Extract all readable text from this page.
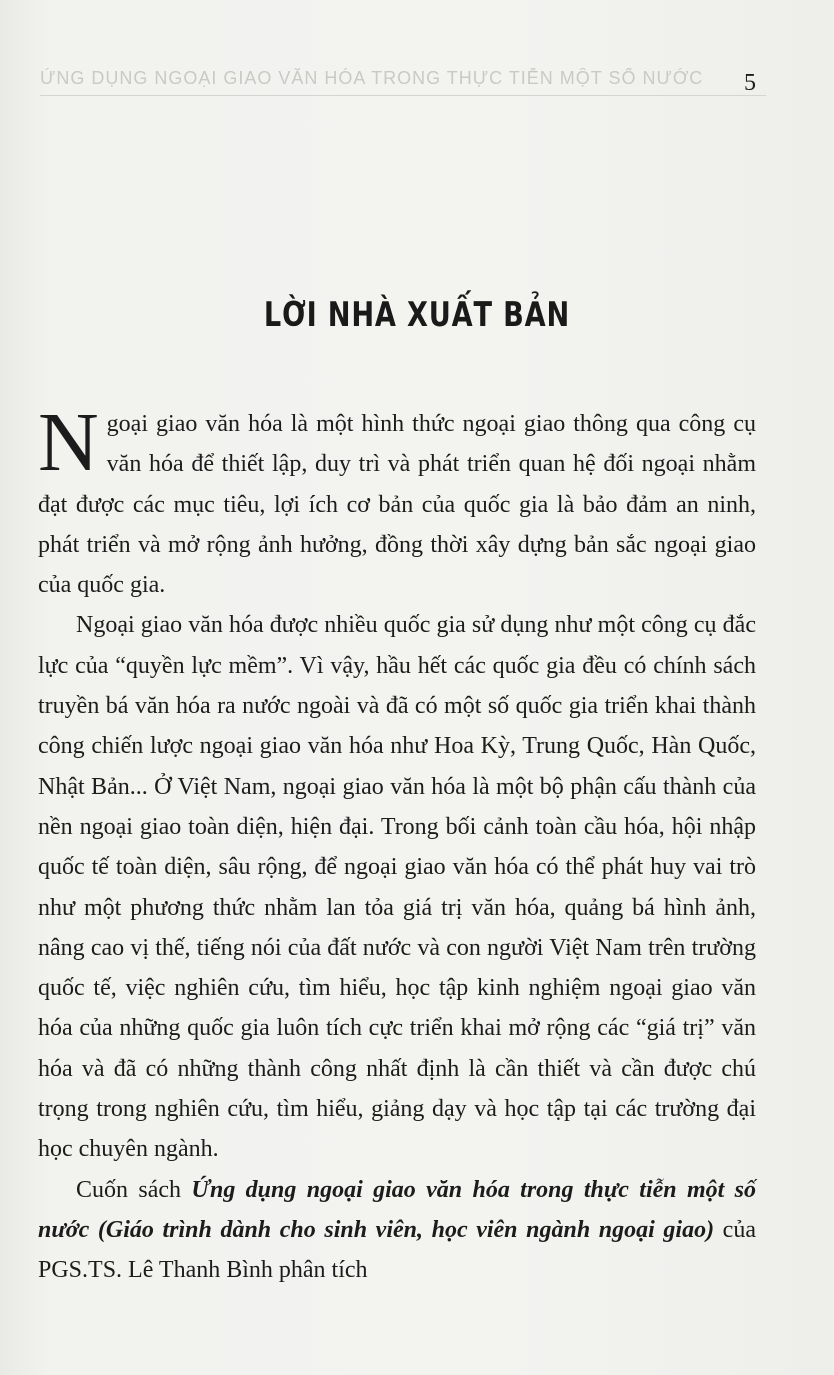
ỨNG DỤNG NGOẠI GIAO VĂN HÓA TRONG THỰC TIỄN MỘT SỐ NƯỚC	5
LỜI NHÀ XUẤT BẢN

Ngoại giao văn hóa là một hình thức ngoại giao thông qua công cụ văn hóa để thiết lập, duy trì và phát triển quan hệ đối ngoại nhằm đạt được các mục tiêu, lợi ích cơ bản của quốc gia là bảo đảm an ninh, phát triển và mở rộng ảnh hưởng, đồng thời xây dựng bản sắc ngoại giao của quốc gia.

Ngoại giao văn hóa được nhiều quốc gia sử dụng như một công cụ đắc lực của “quyền lực mềm”. Vì vậy, hầu hết các quốc gia đều có chính sách truyền bá văn hóa ra nước ngoài và đã có một số quốc gia triển khai thành công chiến lược ngoại giao văn hóa như Hoa Kỳ, Trung Quốc, Hàn Quốc, Nhật Bản... Ở Việt Nam, ngoại giao văn hóa là một bộ phận cấu thành của nền ngoại giao toàn diện, hiện đại. Trong bối cảnh toàn cầu hóa, hội nhập quốc tế toàn diện, sâu rộng, để ngoại giao văn hóa có thể phát huy vai trò như một phương thức nhằm lan tỏa giá trị văn hóa, quảng bá hình ảnh, nâng cao vị thế, tiếng nói của đất nước và con người Việt Nam trên trường quốc tế, việc nghiên cứu, tìm hiểu, học tập kinh nghiệm ngoại giao văn hóa của những quốc gia luôn tích cực triển khai mở rộng các “giá trị” văn hóa và đã có những thành công nhất định là cần thiết và cần được chú trọng trong nghiên cứu, tìm hiểu, giảng dạy và học tập tại các trường đại học chuyên ngành.

Cuốn sách Ứng dụng ngoại giao văn hóa trong thực tiễn một số nước (Giáo trình dành cho sinh viên, học viên ngành ngoại giao) của PGS.TS. Lê Thanh Bình phân tích
